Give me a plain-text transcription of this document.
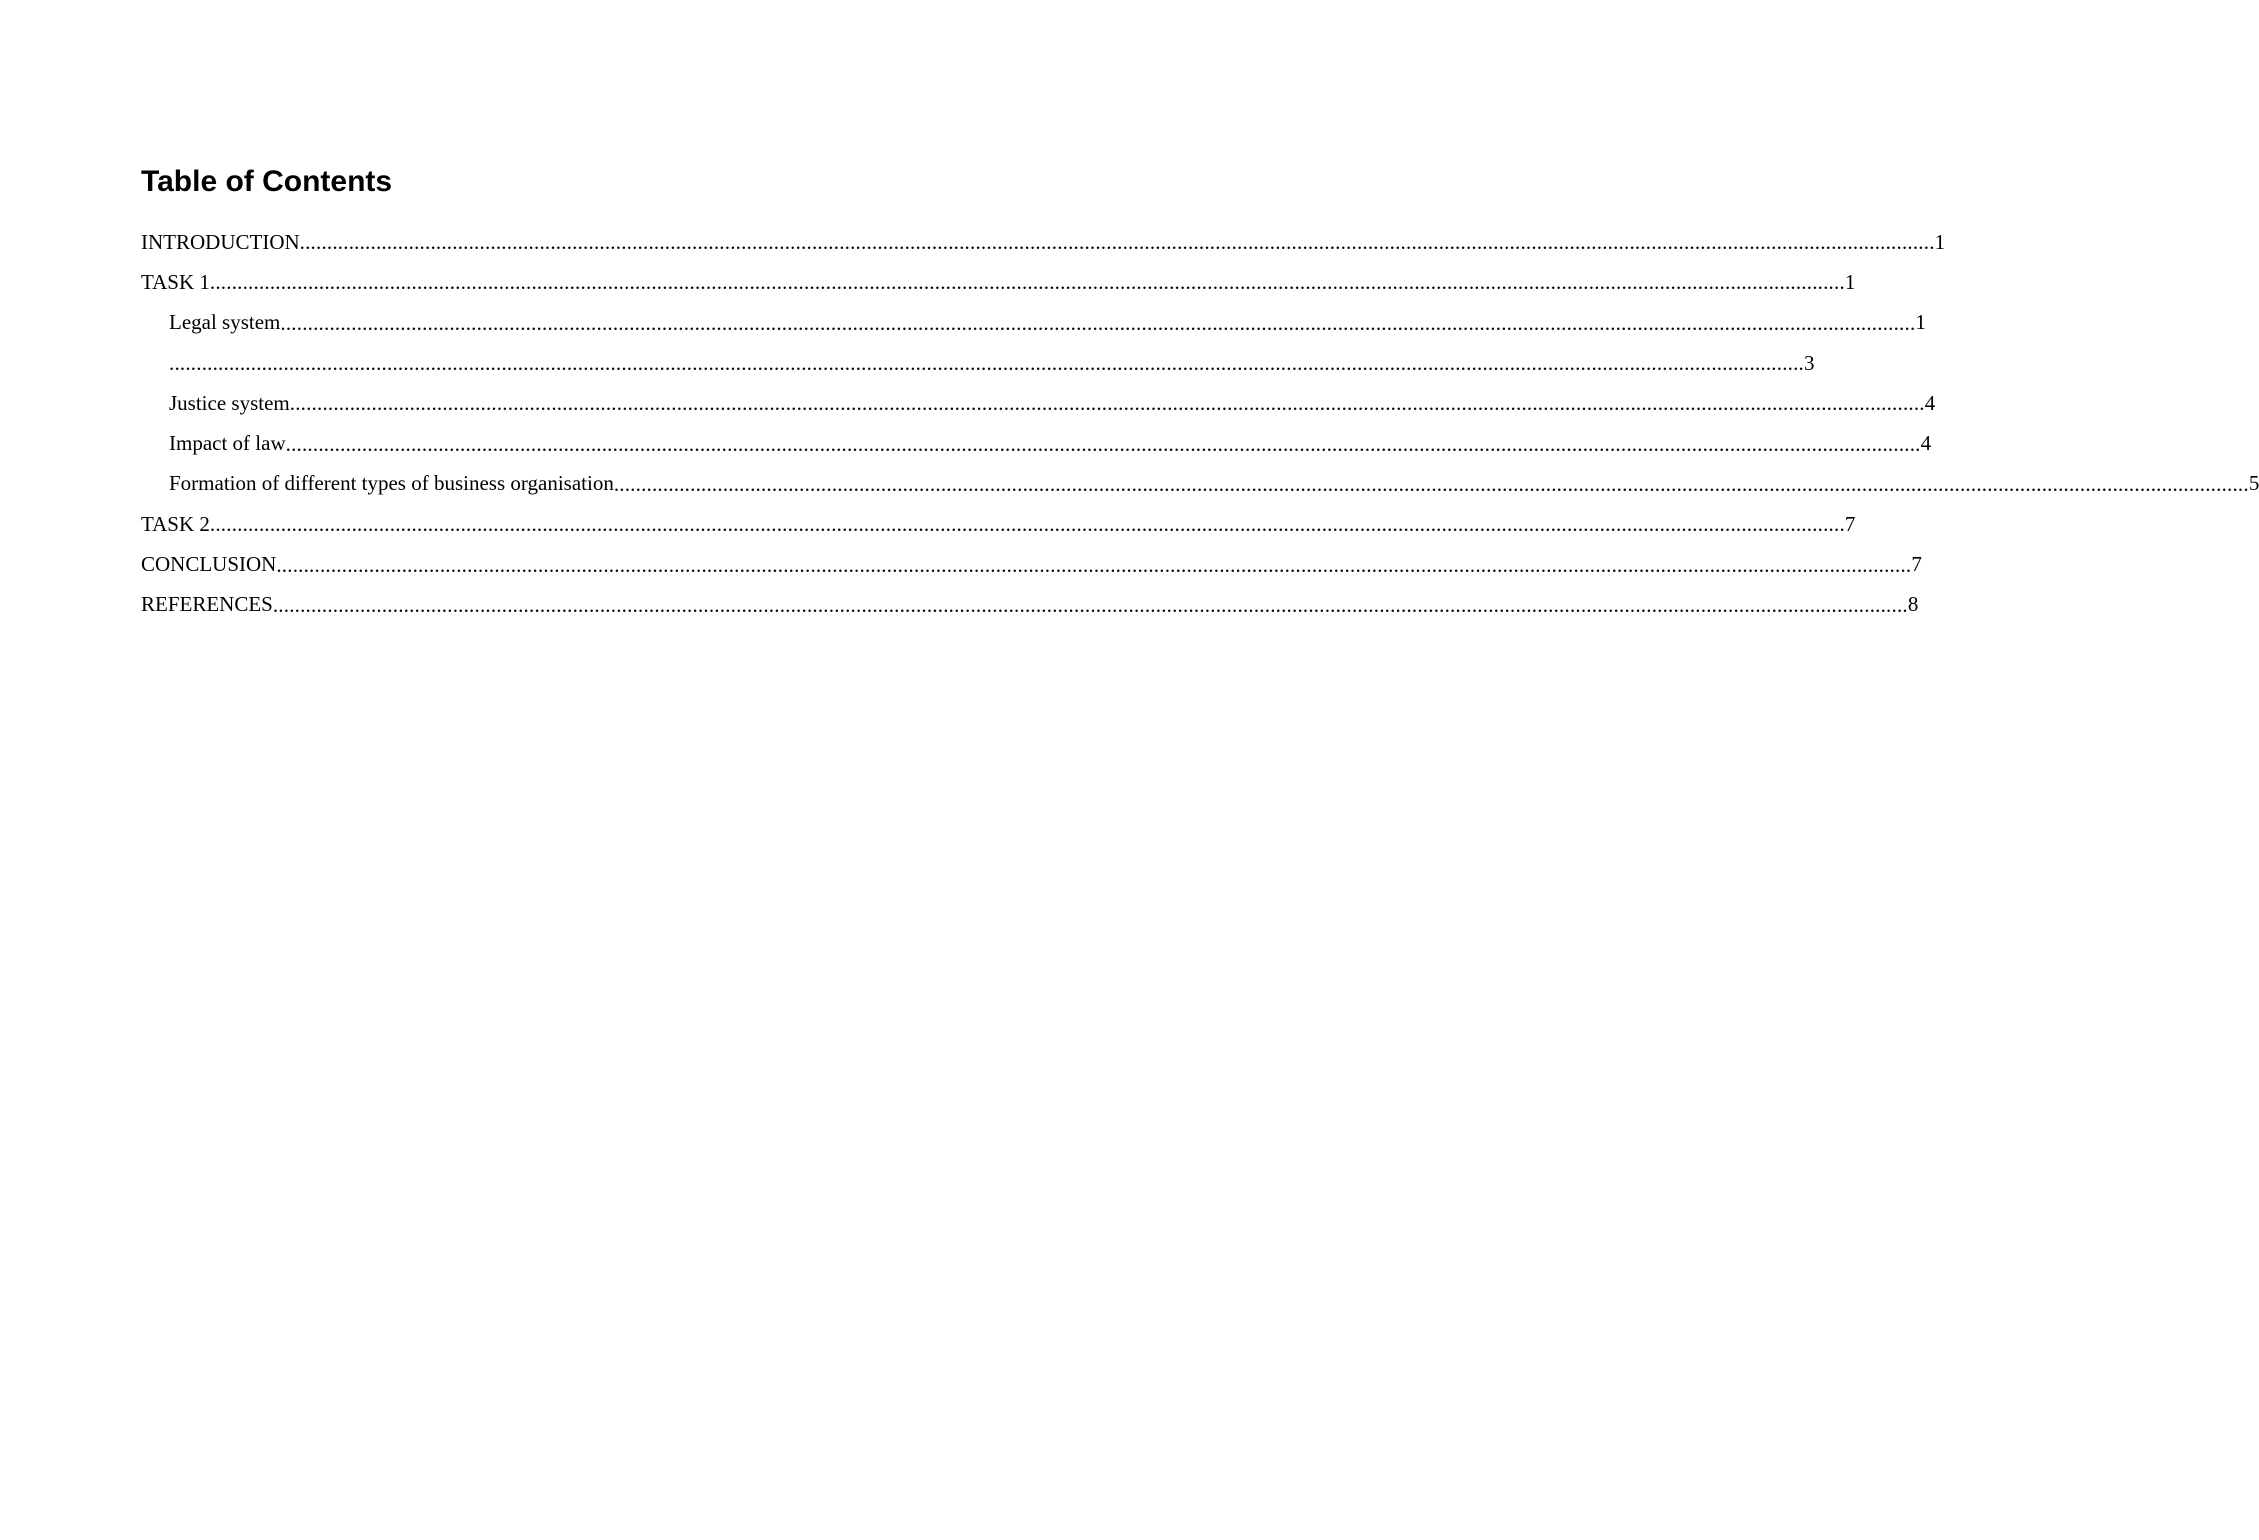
Table of Contents
INTRODUCTION ............................................................................................................................................................................................................................................................................................................ 1
TASK 1 ............................................................................................................................................................................................................................................................................................................ 1
Legal system ............................................................................................................................................................................................................................................................................................................ 1
............................................................................................................................................................................................................................................................................................................ 3
Justice system ............................................................................................................................................................................................................................................................................................................ 4
Impact of law ............................................................................................................................................................................................................................................................................................................ 4
Formation of different types of business organisation ............................................................................................................................................................................................................................................................................................................ 5
TASK 2 ............................................................................................................................................................................................................................................................................................................ 7
CONCLUSION ............................................................................................................................................................................................................................................................................................................ 7
REFERENCES ............................................................................................................................................................................................................................................................................................................ 8
